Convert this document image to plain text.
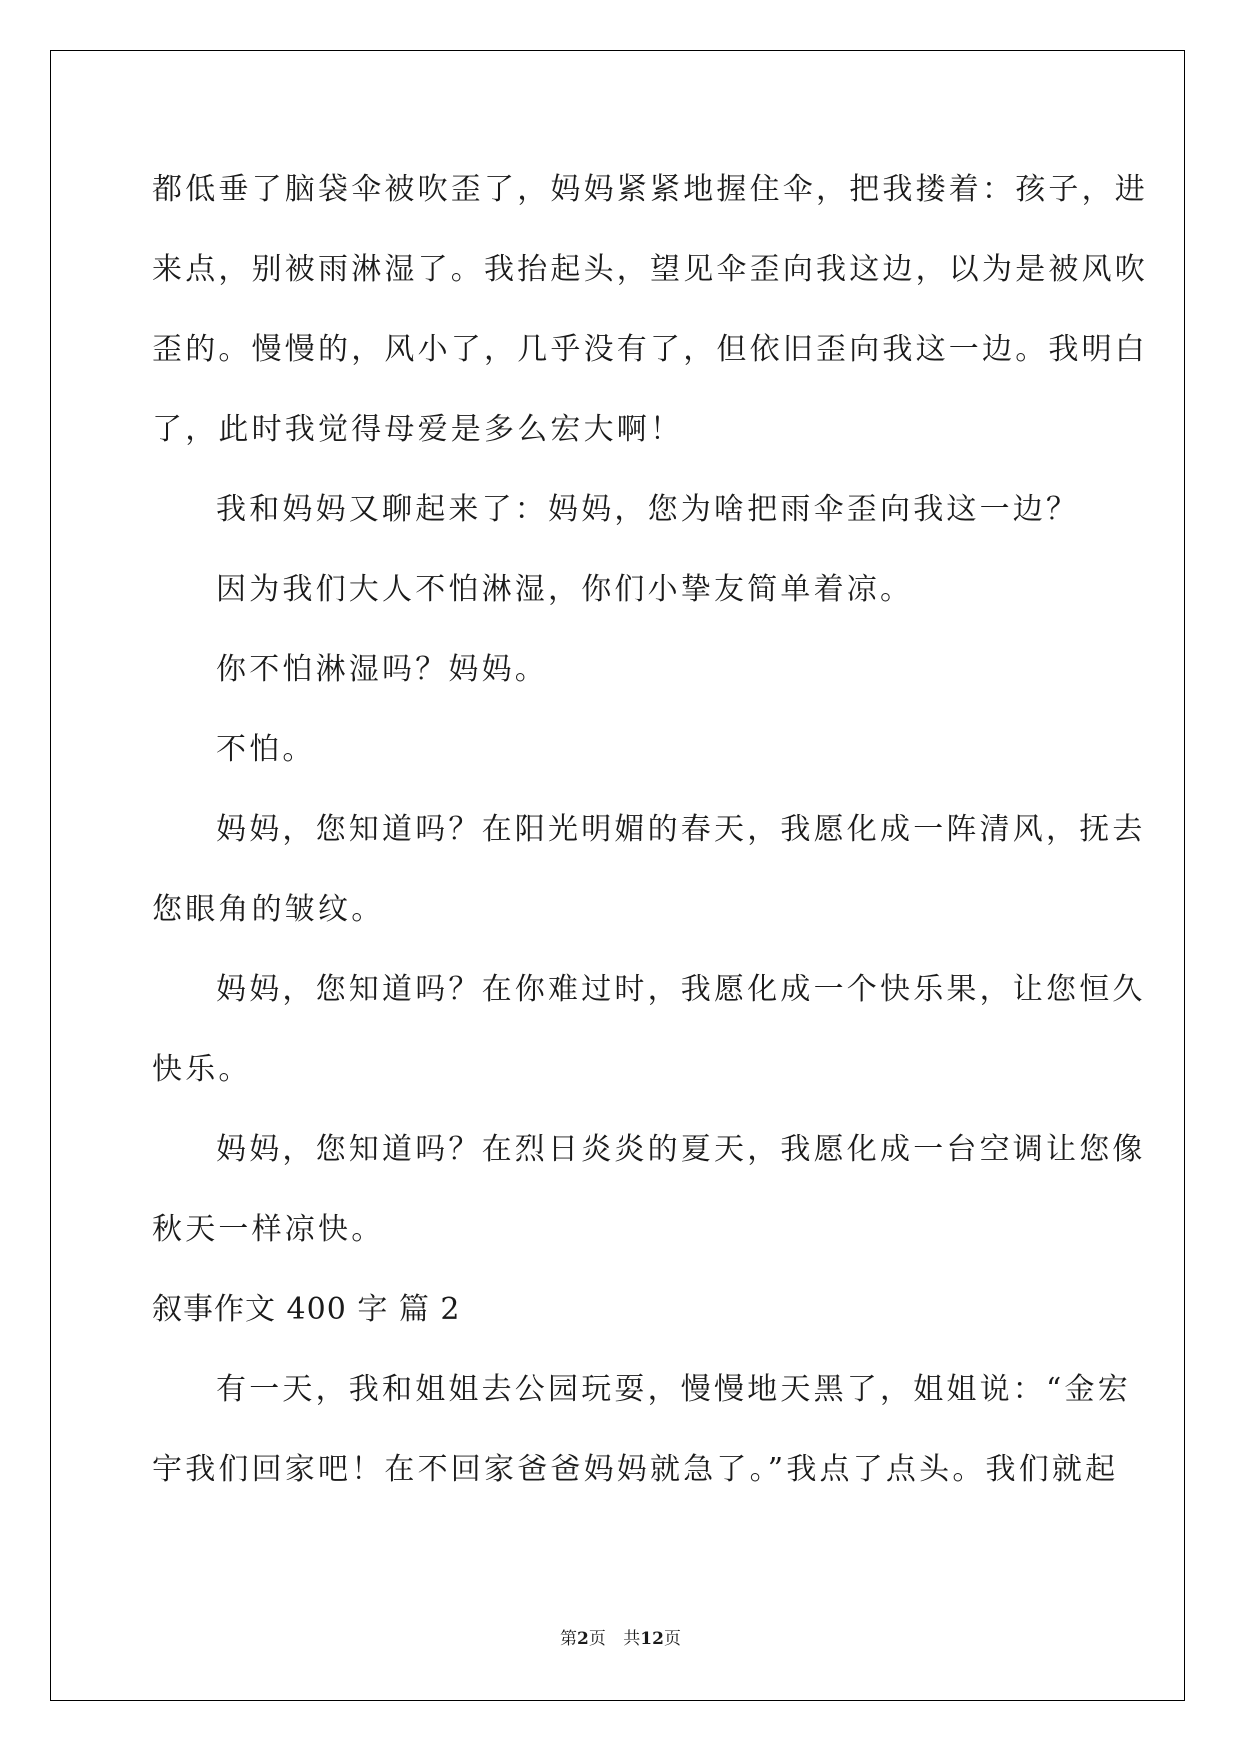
都低垂了脑袋伞被吹歪了，妈妈紧紧地握住伞，把我搂着：孩子，进
来点，别被雨淋湿了。我抬起头，望见伞歪向我这边，以为是被风吹
歪的。慢慢的，风小了，几乎没有了，但依旧歪向我这一边。我明白
了，此时我觉得母爱是多么宏大啊！
我和妈妈又聊起来了：妈妈，您为啥把雨伞歪向我这一边？
因为我们大人不怕淋湿，你们小挚友简单着凉。
你不怕淋湿吗？妈妈。
不怕。
妈妈，您知道吗？在阳光明媚的春天，我愿化成一阵清风，抚去
您眼角的皱纹。
妈妈，您知道吗？在你难过时，我愿化成一个快乐果，让您恒久
快乐。
妈妈，您知道吗？在烈日炎炎的夏天，我愿化成一台空调让您像
秋天一样凉快。
叙事作文 400 字 篇 2
有一天，我和姐姐去公园玩耍，慢慢地天黑了，姐姐说：“金宏
宇我们回家吧！在不回家爸爸妈妈就急了。”我点了点头。我们就起
第2页 共12页
